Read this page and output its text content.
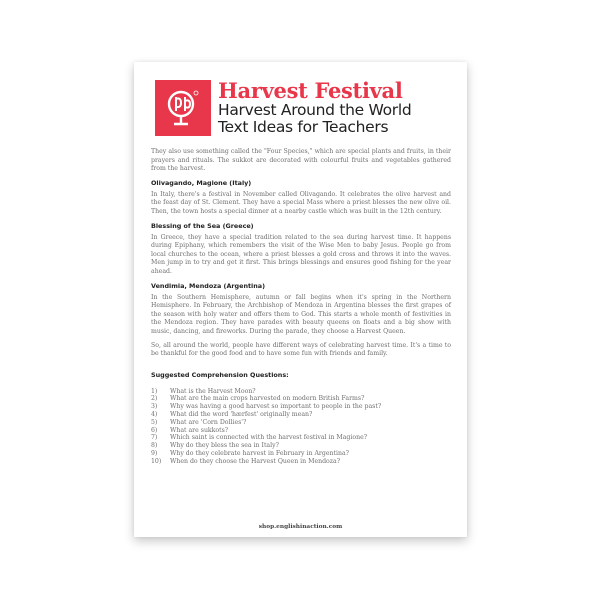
Harvest Festival
Harvest Around the World
Text Ideas for Teachers

They also use something called the "Four Species," which are special plants and fruits, in their prayers and rituals. The sukkot are decorated with colourful fruits and vegetables gathered from the harvest.

Olivagando, Magione (Italy)

In Italy, there's a festival in November called Olivagando. It celebrates the olive harvest and the feast day of St. Clement. They have a special Mass where a priest blesses the new olive oil. Then, the town hosts a special dinner at a nearby castle which was built in the 12th century.

Blessing of the Sea (Greece)

In Greece, they have a special tradition related to the sea during harvest time. It happens during Epiphany, which remembers the visit of the Wise Men to baby Jesus. People go from local churches to the ocean, where a priest blesses a gold cross and throws it into the waves. Men jump in to try and get it first. This brings blessings and ensures good fishing for the year ahead.

Vendimia, Mendoza (Argentina)

In the Southern Hemisphere, autumn or fall begins when it's spring in the Northern Hemisphere. In February, the Archbishop of Mendoza in Argentina blesses the first grapes of the season with holy water and offers them to God. This starts a whole month of festivities in the Mendoza region. They have parades with beauty queens on floats and a big show with music, dancing, and fireworks. During the parade, they choose a Harvest Queen.

So, all around the world, people have different ways of celebrating harvest time. It's a time to be thankful for the good food and to have some fun with friends and family.

Suggested Comprehension Questions:
1)	What is the Harvest Moon?
2)	What are the main crops harvested on modern British Farms?
3)	Why was having a good harvest so important to people in the past?
4)	What did the word 'hærfest' originally mean?
5)	What are 'Corn Dollies'?
6)	What are sukkots?
7)	Which saint is connected with the harvest festival in Magione?
8)	Why do they bless the sea in Italy?
9)	Why do they celebrate harvest in February in Argentina?
10)	When do they choose the Harvest Queen in Mendoza?
shop.englishinaction.com
